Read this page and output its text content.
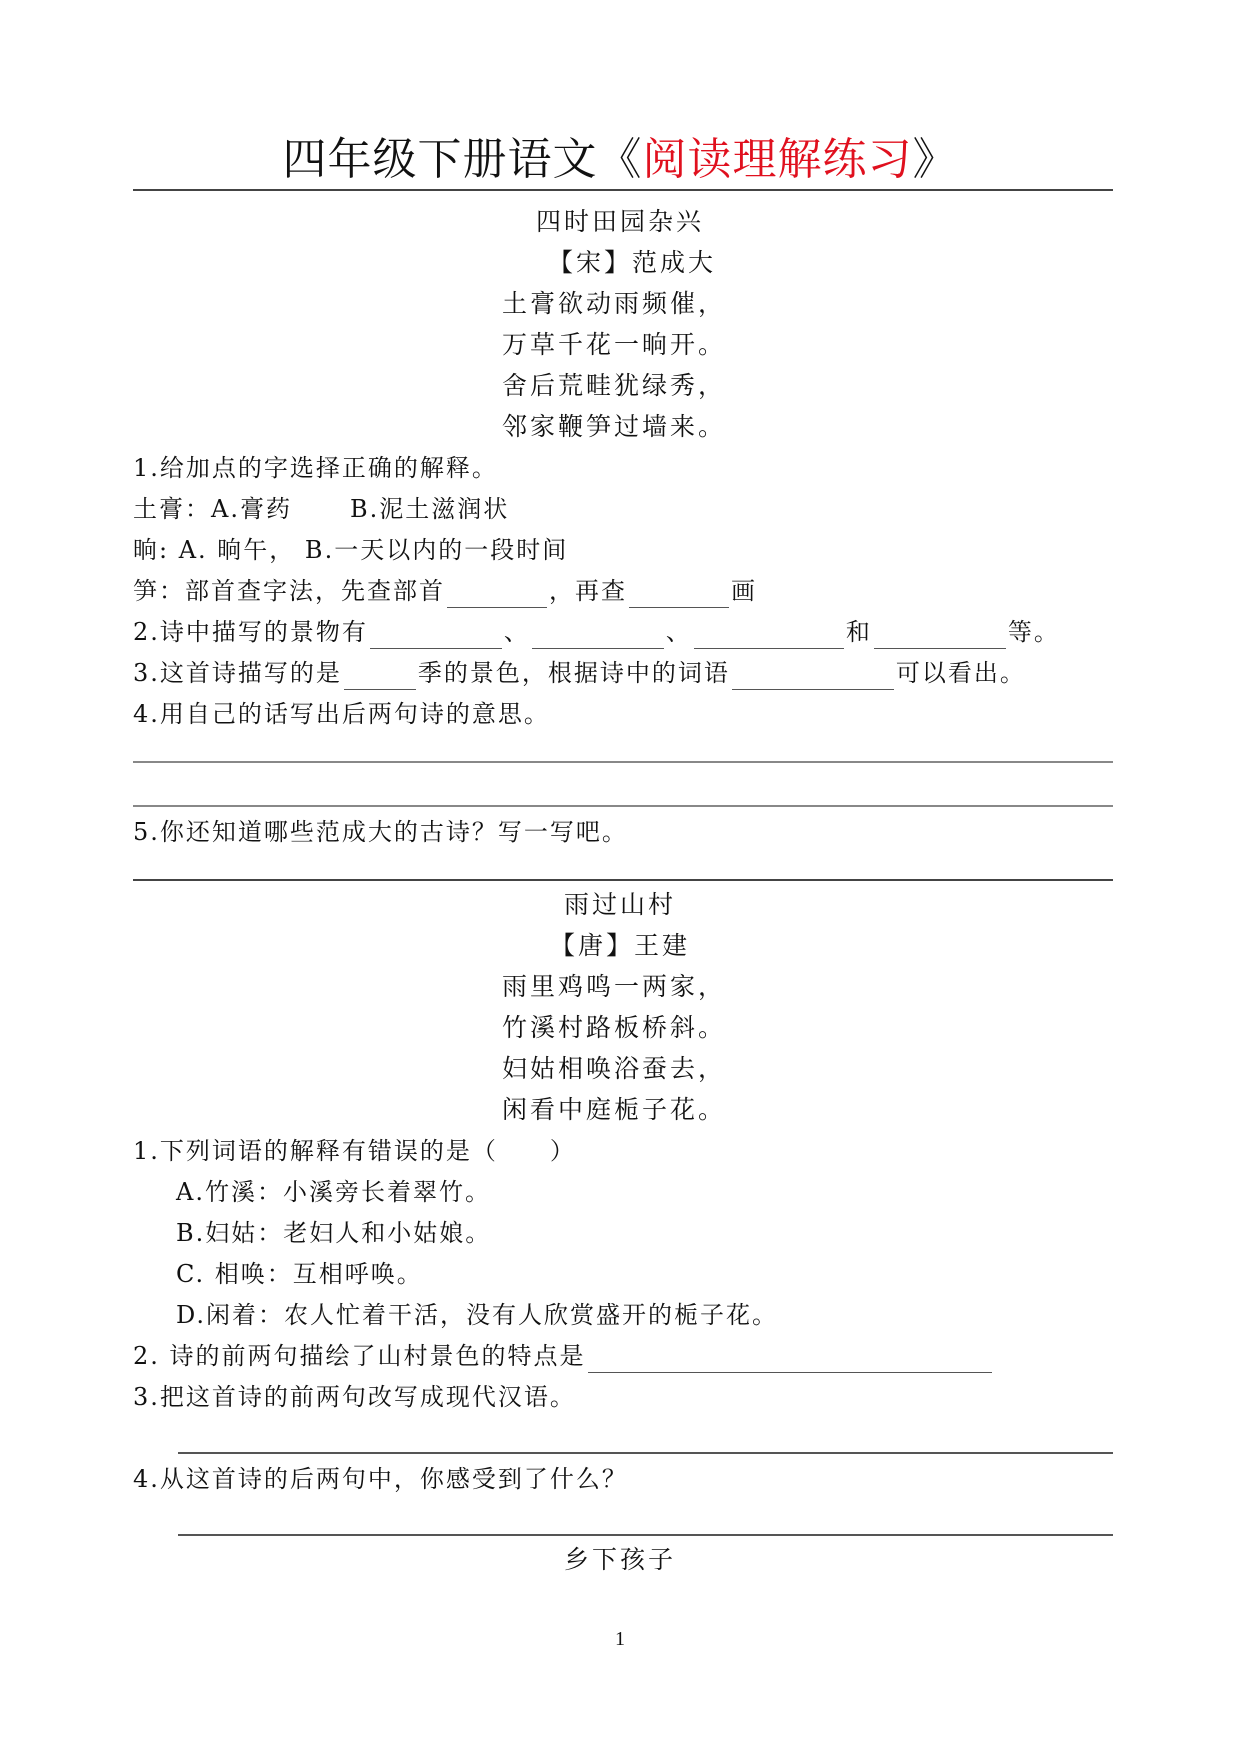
四年级下册语文《阅读理解练习》
四时田园杂兴
【宋】范成大
土膏欲动雨频催，
万草千花一晌开。
舍后荒畦犹绿秀，
邻家鞭笋过墙来。
1.给加点的字选择正确的解释。
土膏：A.膏药 B.泥土滋润状
晌: A. 晌午， B.一天以内的一段时间
笋：部首查字法，先查部首	，再查	画
2.诗中描写的景物有	、	、	和	等。
3.这首诗描写的是	季的景色，根据诗中的词语	可以看出。
4.用自己的话写出后两句诗的意思。
5.你还知道哪些范成大的古诗？写一写吧。
雨过山村
【唐】王建
雨里鸡鸣一两家，
竹溪村路板桥斜。
妇姑相唤浴蚕去，
闲看中庭栀子花。
1.下列词语的解释有错误的是（　　）
A.竹溪：小溪旁长着翠竹。
B.妇姑：老妇人和小姑娘。
C. 相唤：互相呼唤。
D.闲着：农人忙着干活，没有人欣赏盛开的栀子花。
2. 诗的前两句描绘了山村景色的特点是
3.把这首诗的前两句改写成现代汉语。
4.从这首诗的后两句中，你感受到了什么？
乡下孩子
1
